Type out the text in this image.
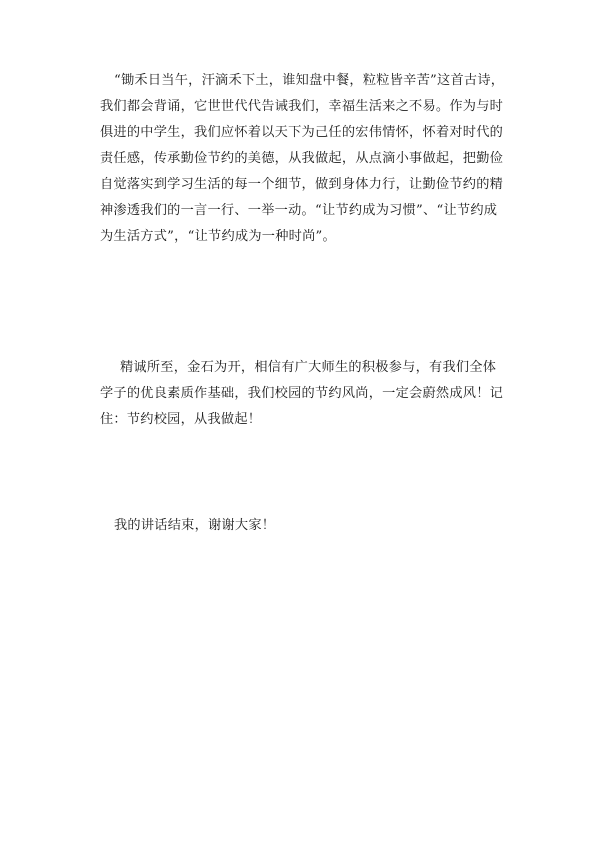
“锄禾日当午，汗滴禾下土，谁知盘中餐，粒粒皆辛苦”这首古诗，
我们都会背诵，它世世代代告诫我们，幸福生活来之不易。作为与时
俱进的中学生，我们应怀着以天下为己任的宏伟情怀，怀着对时代的
责任感，传承勤俭节约的美德，从我做起，从点滴小事做起，把勤俭
自觉落实到学习生活的每一个细节，做到身体力行，让勤俭节约的精
神渗透我们的一言一行、一举一动。“让节约成为习惯”、“让节约成
为生活方式”，“让节约成为一种时尚”。
精诚所至，金石为开，相信有广大师生的积极参与，有我们全体
学子的优良素质作基础，我们校园的节约风尚，一定会蔚然成风！记
住：节约校园，从我做起！
我的讲话结束，谢谢大家！
